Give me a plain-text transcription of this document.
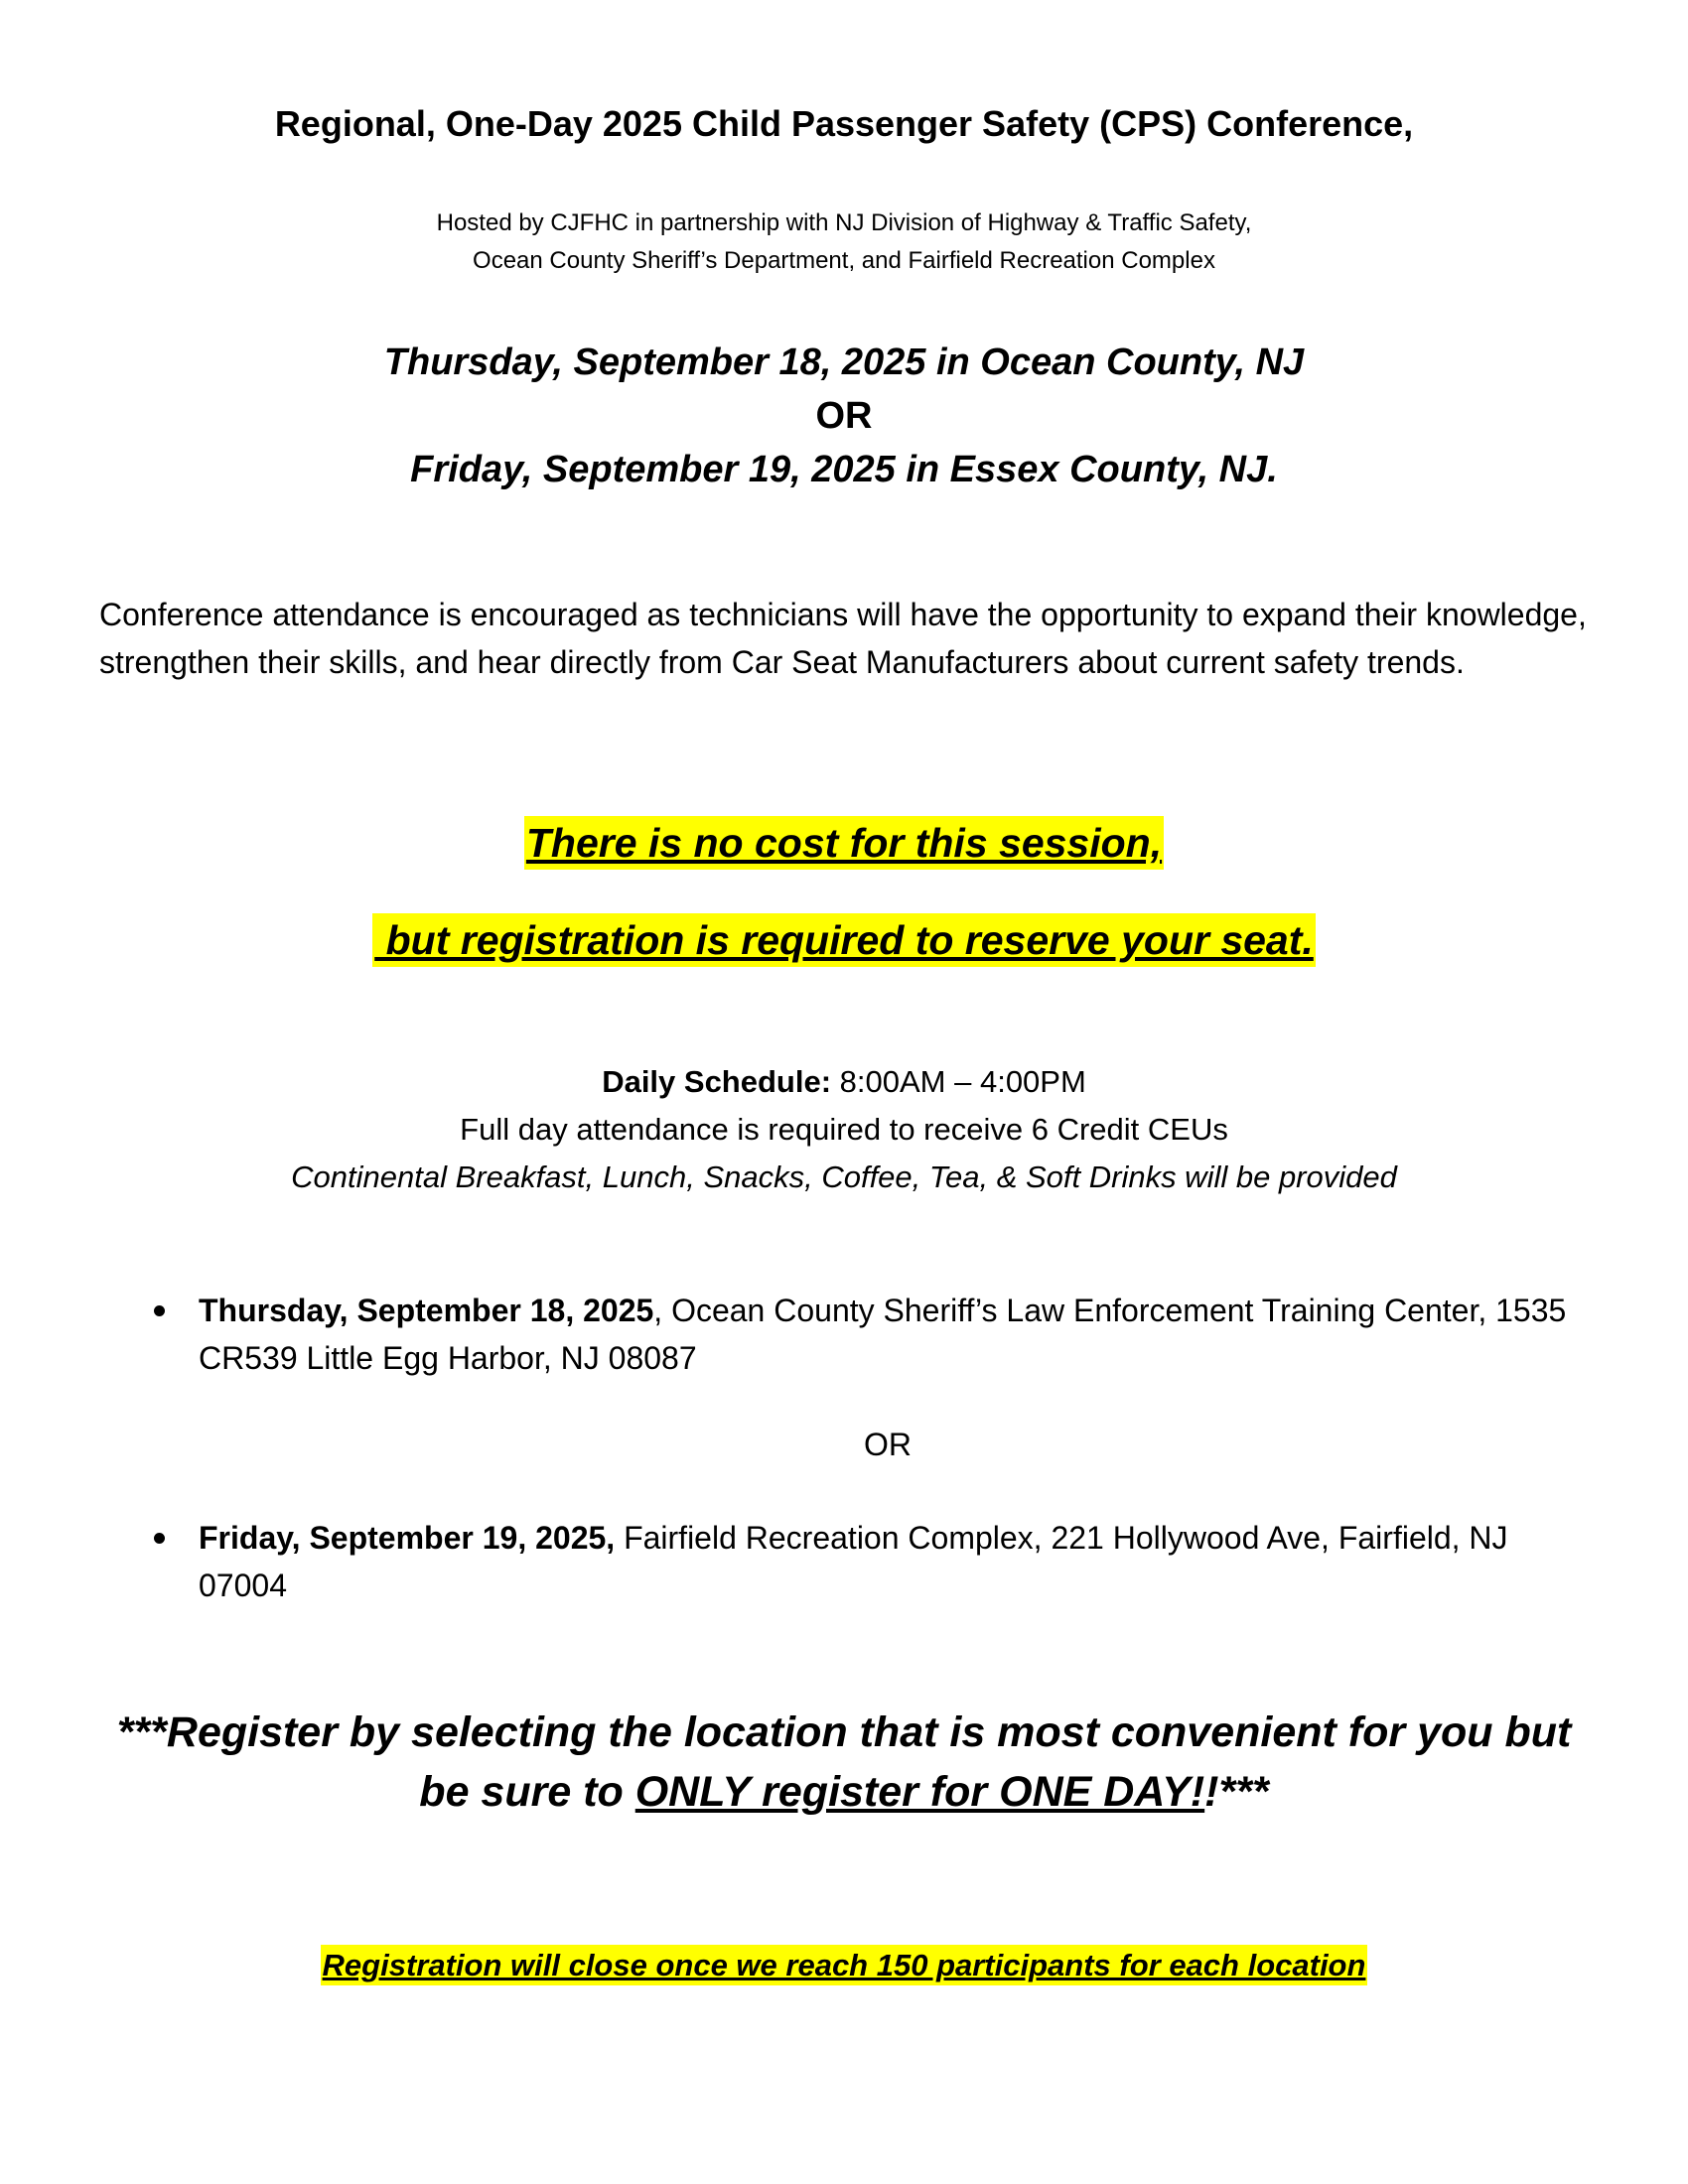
Regional, One-Day 2025 Child Passenger Safety (CPS) Conference,
Hosted by CJFHC in partnership with NJ Division of Highway & Traffic Safety,
Ocean County Sheriff’s Department, and Fairfield Recreation Complex
Thursday, September 18, 2025 in Ocean County, NJ
OR
Friday, September 19, 2025 in Essex County, NJ.
Conference attendance is encouraged as technicians will have the opportunity to expand their knowledge, strengthen their skills, and hear directly from Car Seat Manufacturers about current safety trends.
There is no cost for this session,
but registration is required to reserve your seat.
Daily Schedule: 8:00AM – 4:00PM
Full day attendance is required to receive 6 Credit CEUs
Continental Breakfast, Lunch, Snacks, Coffee, Tea, & Soft Drinks will be provided
Thursday, September 18, 2025, Ocean County Sheriff’s Law Enforcement Training Center, 1535 CR539 Little Egg Harbor, NJ 08087
OR
Friday, September 19, 2025, Fairfield Recreation Complex, 221 Hollywood Ave, Fairfield, NJ 07004
***Register by selecting the location that is most convenient for you but
be sure to ONLY register for ONE DAY!!***
Registration will close once we reach 150 participants for each location
